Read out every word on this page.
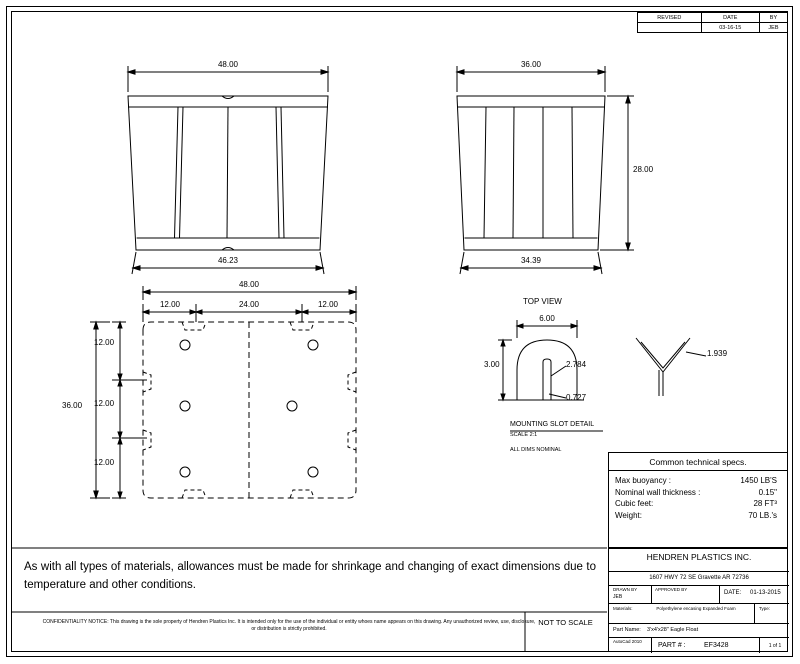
REVISED	DATE	BY
	03-16-15	JEB
48.00
46.23
36.00
34.39
28.00
48.00
12.00	24.00	12.00
12.00
12.00
12.00
36.00
TOP VIEW
6.00
3.00	2.784
0.727
1.939
MOUNTING SLOT DETAIL
SCALE 2:1
ALL DIMS NOMINAL
Common technical specs.
Max buoyancy :	1450 LB'S
Nominal wall thickness :	0.15"
Cubic feet:	28 FT³
Weight:	70 LB.'s
HENDREN PLASTICS INC.
1607 HWY 72 SE Gravette AR 72736
DRAWN BY
JEB
APPROVED BY
DATE:	01-13-2015
Materials:	Polyethylene encasing Expanded Foam	Type:
Part Name:	3'x4'x28" Eagle Float
AutoCad 2010
PART # :	EF3428	1 of 1
As with all types of materials, allowances must be made for shrinkage and changing of exact dimensions due to temperature and other conditions.
CONFIDENTIALITY NOTICE: This drawing is the sole property of Hendren Plastics Inc. It is intended only for the use of the individual or entity whoes name appears on this drawing. Any unauthorized review, use, disclosure, or distribution is strictly prohibited.
NOT TO SCALE
